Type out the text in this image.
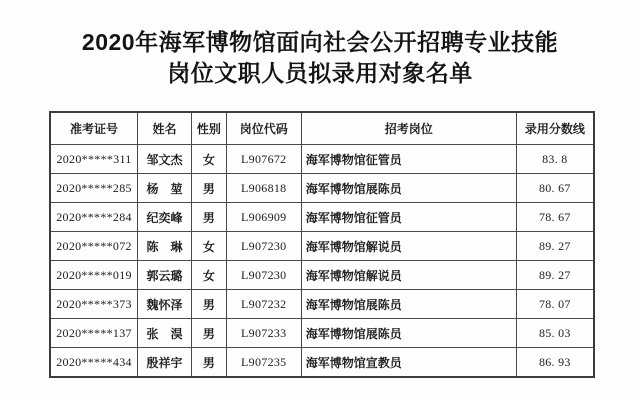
2020年海军博物馆面向社会公开招聘专业技能
岗位文职人员拟录用对象名单
准考证号	姓名	性别	岗位代码	招考岗位	录用分数线
2020*****311	邹文杰	女	L907672	海军博物馆征管员	83. 8
2020*****285	杨　堃	男	L906818	海军博物馆展陈员	80. 67
2020*****284	纪奕峰	男	L906909	海军博物馆征管员	78. 67
2020*****072	陈　琳	女	L907230	海军博物馆解说员	89. 27
2020*****019	郭云璐	女	L907230	海军博物馆解说员	89. 27
2020*****373	魏怀泽	男	L907232	海军博物馆展陈员	78. 07
2020*****137	张　淏	男	L907233	海军博物馆展陈员	85. 03
2020*****434	殷祥宇	男	L907235	海军博物馆宣教员	86. 93
